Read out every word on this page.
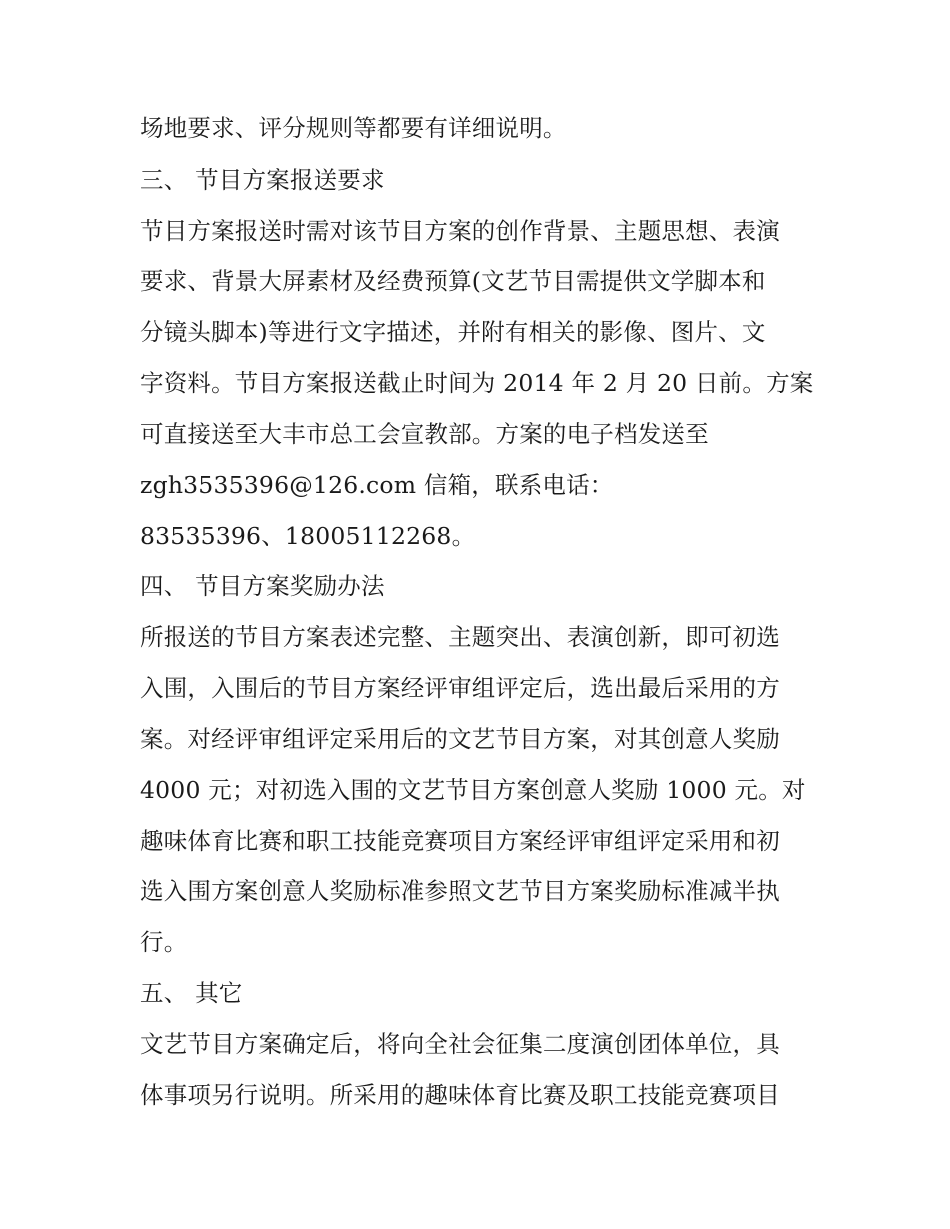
场地要求、评分规则等都要有详细说明。
三、 节目方案报送要求
节目方案报送时需对该节目方案的创作背景、主题思想、表演
要求、背景大屏素材及经费预算(文艺节目需提供文学脚本和
分镜头脚本)等进行文字描述，并附有相关的影像、图片、文
字资料。节目方案报送截止时间为 2014 年 2 月 20 日前。方案
可直接送至大丰市总工会宣教部。方案的电子档发送至
zgh3535396@126.com 信箱，联系电话：
83535396、18005112268。
四、 节目方案奖励办法
所报送的节目方案表述完整、主题突出、表演创新，即可初选
入围，入围后的节目方案经评审组评定后，选出最后采用的方
案。对经评审组评定采用后的文艺节目方案，对其创意人奖励
4000 元；对初选入围的文艺节目方案创意人奖励 1000 元。对
趣味体育比赛和职工技能竞赛项目方案经评审组评定采用和初
选入围方案创意人奖励标准参照文艺节目方案奖励标准减半执
行。
五、 其它
文艺节目方案确定后，将向全社会征集二度演创团体单位，具
体事项另行说明。所采用的趣味体育比赛及职工技能竞赛项目
